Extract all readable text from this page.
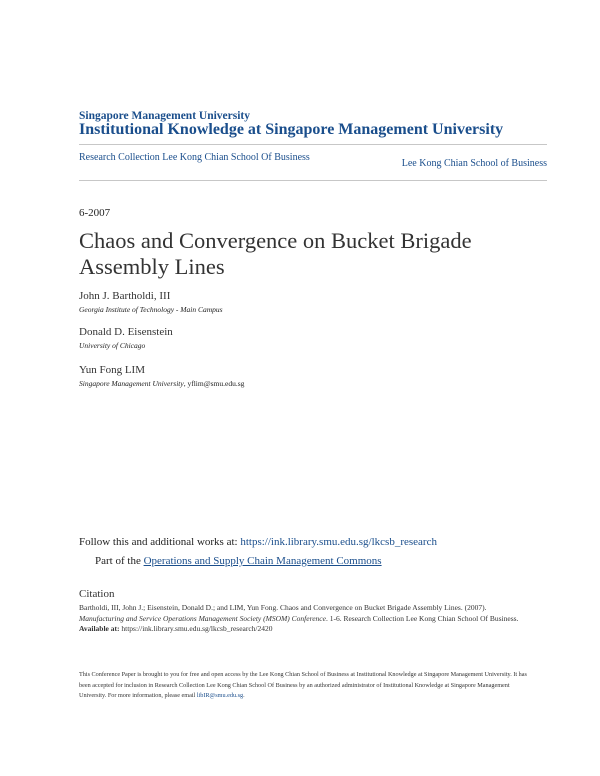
Singapore Management University
Institutional Knowledge at Singapore Management University
Research Collection Lee Kong Chian School Of Business
Lee Kong Chian School of Business
6-2007
Chaos and Convergence on Bucket Brigade Assembly Lines
John J. Bartholdi, III
Georgia Institute of Technology - Main Campus
Donald D. Eisenstein
University of Chicago
Yun Fong LIM
Singapore Management University, yflim@smu.edu.sg
Follow this and additional works at: https://ink.library.smu.edu.sg/lkcsb_research
Part of the Operations and Supply Chain Management Commons
Citation
Bartholdi, III, John J.; Eisenstein, Donald D.; and LIM, Yun Fong. Chaos and Convergence on Bucket Brigade Assembly Lines. (2007). Manufacturing and Service Operations Management Society (MSOM) Conference. 1-6. Research Collection Lee Kong Chian School Of Business.
Available at: https://ink.library.smu.edu.sg/lkcsb_research/2420
This Conference Paper is brought to you for free and open access by the Lee Kong Chian School of Business at Institutional Knowledge at Singapore Management University. It has been accepted for inclusion in Research Collection Lee Kong Chian School Of Business by an authorized administrator of Institutional Knowledge at Singapore Management University. For more information, please email libIR@smu.edu.sg.
